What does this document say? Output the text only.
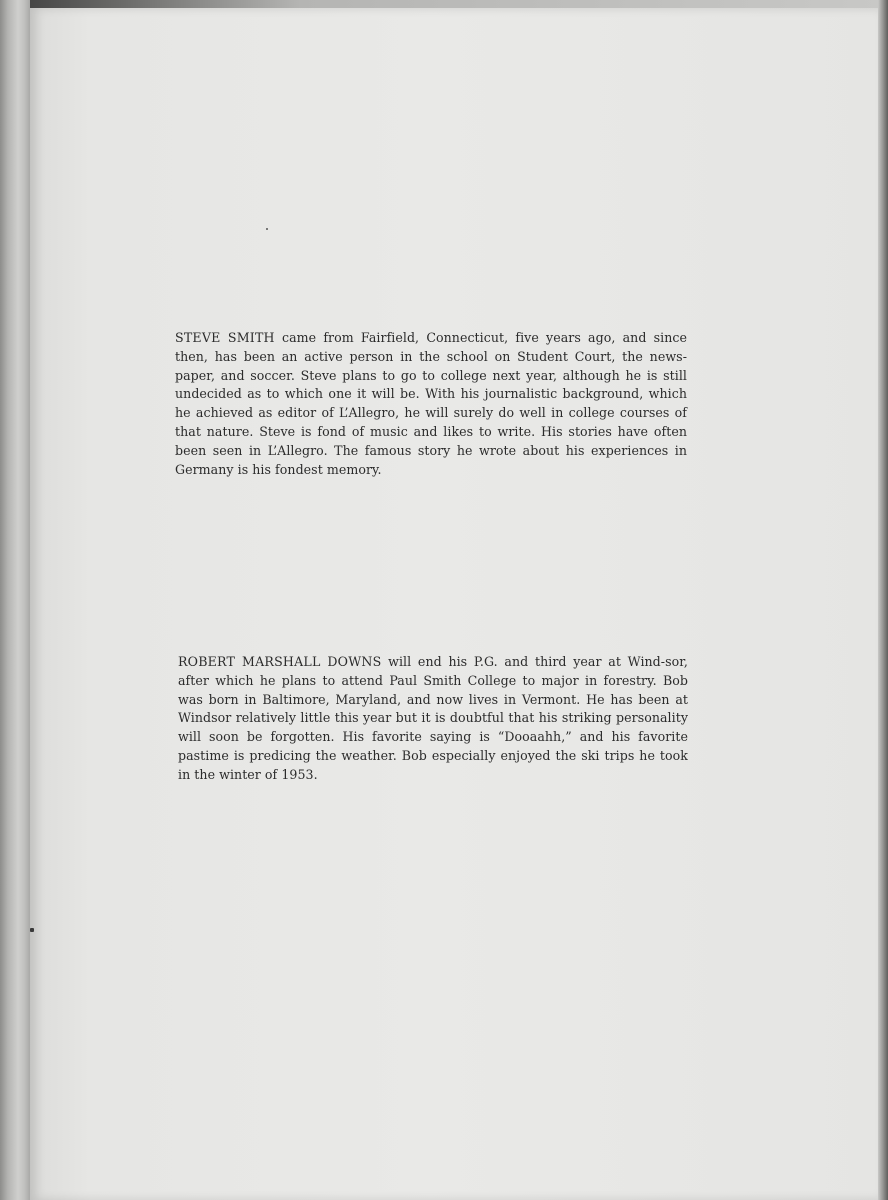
STEVE SMITH came from Fairfield, Connecticut, five years ago, and since then, has been an active person in the school on Student Court, the news-paper, and soccer. Steve plans to go to college next year, although he is still undecided as to which one it will be. With his journalistic background, which he achieved as editor of L’Allegro, he will surely do well in college courses of that nature. Steve is fond of music and likes to write. His stories have often been seen in L’Allegro. The famous story he wrote about his experiences in Germany is his fondest memory.

ROBERT MARSHALL DOWNS will end his P.G. and third year at Wind-sor, after which he plans to attend Paul Smith College to major in forestry. Bob was born in Baltimore, Maryland, and now lives in Vermont. He has been at Windsor relatively little this year but it is doubtful that his striking personality will soon be forgotten. His favorite saying is “Dooaahh,” and his favorite pastime is predicing the weather. Bob especially enjoyed the ski trips he took in the winter of 1953.
